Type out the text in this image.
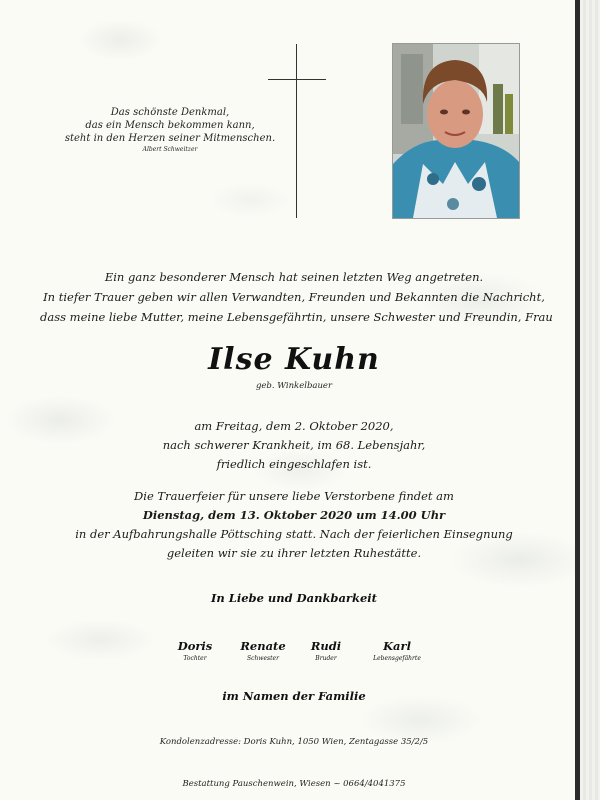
Das schönste Denkmal,
das ein Mensch bekommen kann,
steht in den Herzen seiner Mitmenschen.
Albert Schweitzer
Ein ganz besonderer Mensch hat seinen letzten Weg angetreten.
In tiefer Trauer geben wir allen Verwandten, Freunden und Bekannten die Nachricht,
dass meine liebe Mutter, meine Lebensgefährtin, unsere Schwester und Freundin, Frau
Ilse Kuhn
geb. Winkelbauer
am Freitag, dem 2. Oktober 2020,
nach schwerer Krankheit, im 68. Lebensjahr,
friedlich eingeschlafen ist.
Die Trauerfeier für unsere liebe Verstorbene findet am
Dienstag, dem 13. Oktober 2020 um 14.00 Uhr
in der Aufbahrungshalle Pöttsching statt. Nach der feierlichen Einsegnung
geleiten wir sie zu ihrer letzten Ruhestätte.
In Liebe und Dankbarkeit
Doris
Tochter
Renate
Schwester
Rudi
Bruder
Karl
Lebensgefährte
im Namen der Familie
Kondolenzadresse: Doris Kuhn, 1050 Wien, Zentagasse 35/2/5
Bestattung Pauschenwein, Wiesen ~ 0664/4041375
